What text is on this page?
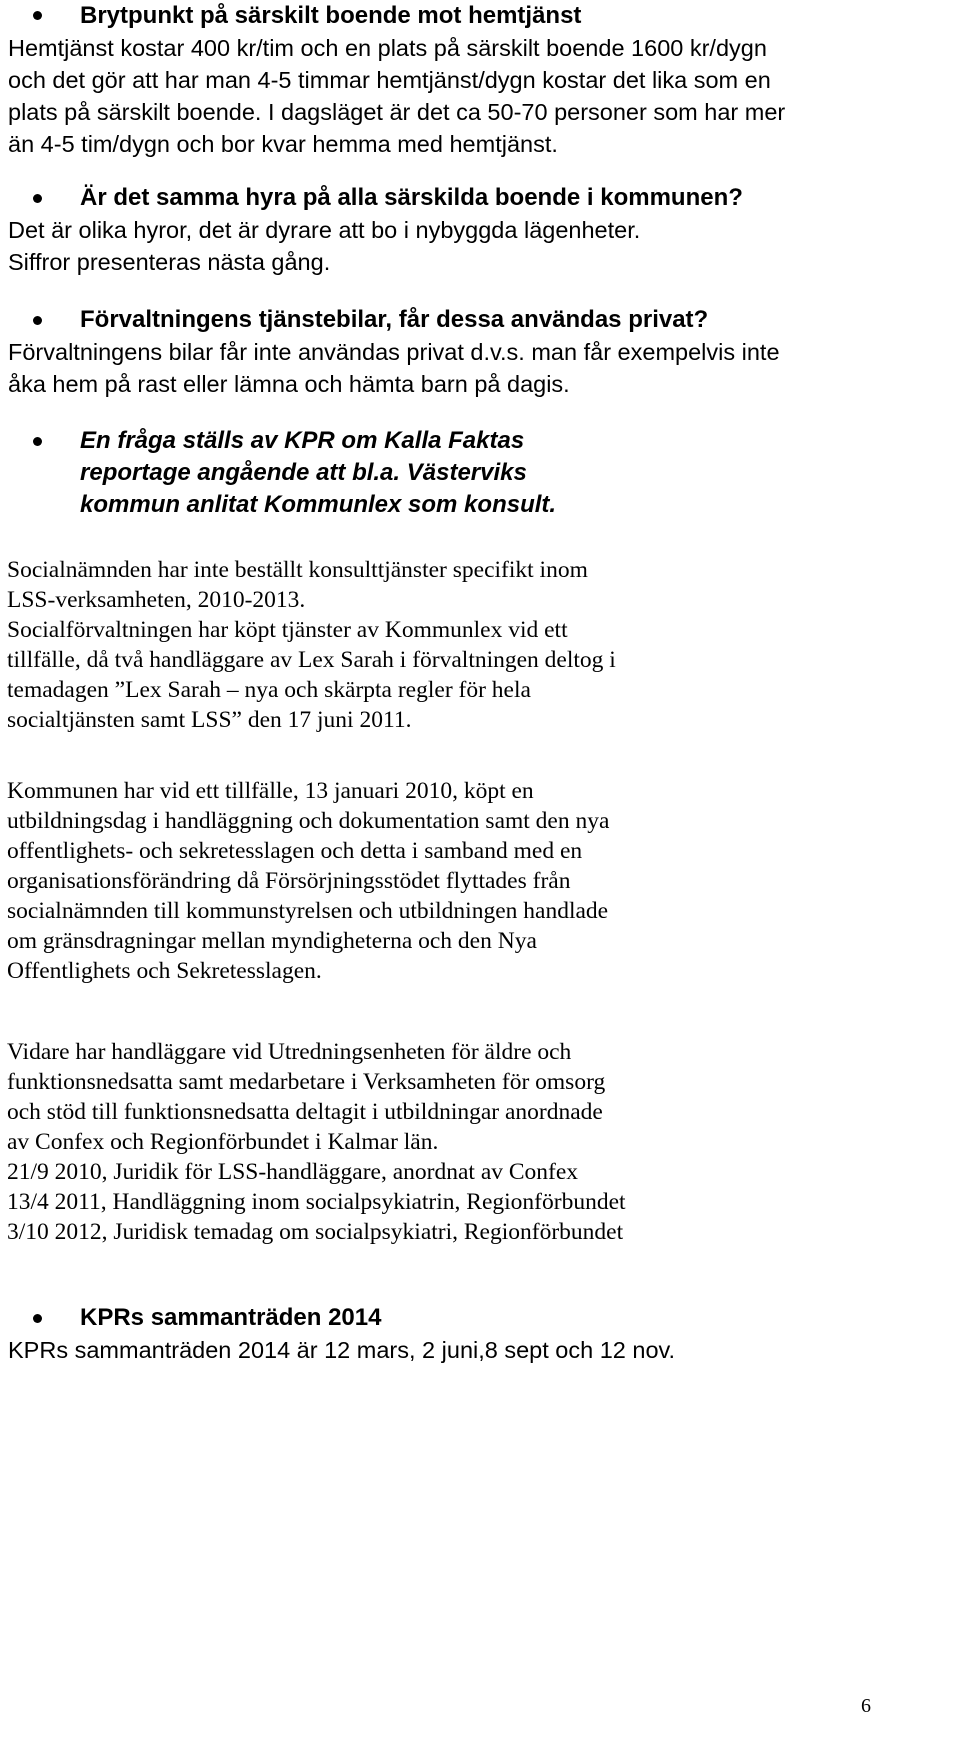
Brytpunkt på särskilt boende mot hemtjänst
Hemtjänst kostar 400 kr/tim och en plats på särskilt boende 1600 kr/dygn
och det gör att har man 4-5 timmar hemtjänst/dygn kostar det lika som en
plats på särskilt boende. I dagsläget är det ca 50-70 personer som har mer
än 4-5 tim/dygn och bor kvar hemma med hemtjänst.
Är det samma hyra på alla särskilda boende i kommunen?
Det är olika hyror, det är dyrare att bo i nybyggda lägenheter.
Siffror presenteras nästa gång.
Förvaltningens tjänstebilar, får dessa användas privat?
Förvaltningens bilar får inte användas privat d.v.s. man får exempelvis inte
åka hem på rast eller lämna och hämta barn på dagis.
En fråga ställs av KPR om Kalla Faktas
reportage angående att bl.a. Västerviks
kommun anlitat Kommunlex som konsult.
Socialnämnden har inte beställt konsulttjänster specifikt inom
LSS-verksamheten, 2010-2013.
Socialförvaltningen har köpt tjänster av Kommunlex vid ett
tillfälle, då två handläggare av Lex Sarah i förvaltningen deltog i
temadagen ”Lex Sarah – nya och skärpta regler för hela
socialtjänsten samt LSS” den 17 juni 2011.
Kommunen har vid ett tillfälle, 13 januari 2010, köpt en
utbildningsdag i handläggning och dokumentation samt den nya
offentlighets- och sekretesslagen och detta i samband med en
organisationsförändring då Försörjningsstödet flyttades från
socialnämnden till kommunstyrelsen och utbildningen handlade
om gränsdragningar mellan myndigheterna och den Nya
Offentlighets och Sekretesslagen.
Vidare har handläggare vid Utredningsenheten för äldre och
funktionsnedsatta samt medarbetare i Verksamheten för omsorg
och stöd till funktionsnedsatta deltagit i utbildningar anordnade
av Confex och Regionförbundet i Kalmar län.
21/9 2010, Juridik för LSS-handläggare, anordnat av Confex
13/4 2011, Handläggning inom socialpsykiatrin, Regionförbundet
3/10 2012, Juridisk temadag om socialpsykiatri, Regionförbundet
KPRs sammanträden 2014
KPRs sammanträden 2014 är 12 mars, 2 juni,8 sept och 12 nov.
6
